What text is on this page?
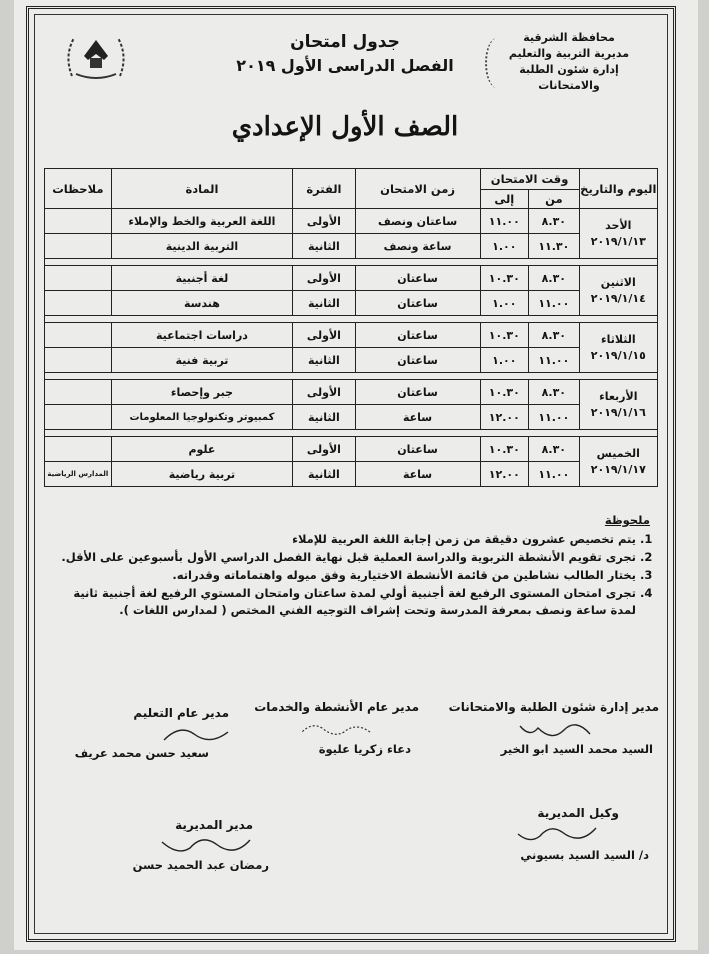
محافظة الشرقية
مديرية التربية والتعليم
إدارة شئون الطلبة والامتحانات
جدول امتحان
الفصل الدراسى الأول ٢٠١٩
الصف الأول الإعدادي
اليوم والتاريخ	وقت الامتحان		زمن الامتحان	الفترة	المادة	ملاحظات
	من	إلى				

الأحد
٢٠١٩/١/١٣	٨.٣٠	١١.٠٠	ساعتان ونصف	الأولى	اللغة العربية والخط والإملاء	
	١١.٣٠	١.٠٠	ساعة ونصف	الثانية	التربية الدينية	

الاثنين
٢٠١٩/١/١٤	٨.٣٠	١٠.٣٠	ساعتان	الأولى	لغة أجنبية	
	١١.٠٠	١.٠٠	ساعتان	الثانية	هندسة	

الثلاثاء
٢٠١٩/١/١٥	٨.٣٠	١٠.٣٠	ساعتان	الأولى	دراسات اجتماعية	
	١١.٠٠	١.٠٠	ساعتان	الثانية	تربية فنية	

الأربعاء
٢٠١٩/١/١٦	٨.٣٠	١٠.٣٠	ساعتان	الأولى	جبر وإحصاء	
	١١.٠٠	١٢.٠٠	ساعة	الثانية	كمبيوتر وتكنولوجيا المعلومات	

الخميس
٢٠١٩/١/١٧	٨.٣٠	١٠.٣٠	ساعتان	الأولى	علوم	
	١١.٠٠	١٢.٠٠	ساعة	الثانية	تربية رياضية	المدارس الرياضية
ملحوظة
1. يتم تخصيص عشرون دقيقة من زمن إجابة اللغة العربية للإملاء
2. تجرى تقويم الأنشطة التربوية والدراسة العملية قبل نهاية الفصل الدراسي الأول بأسبوعين على الأقل.
3. يختار الطالب نشاطين من قائمة الأنشطة الاختيارية وفق ميوله واهتماماته وقدراته.
4. تجرى امتحان المستوى الرفيع لغة أجنبية أولي لمدة ساعتان وامتحان المستوي الرفيع لغة أجنبية ثانية لمدة ساعة ونصف بمعرفة المدرسة وتحت إشراف التوجيه الفني المختص ( لمدارس اللغات ).
مدير إدارة شئون الطلبة والامتحانات
مدير عام الأنشطة والخدمات
مدير عام التعليم
السيد محمد السيد ابو الخير
دعاء زكريا عليوة
سعيد حسن محمد عريف
وكيل المديرية
د/ السيد السيد بسيوني
مدير المديرية
رمضان عبد الحميد حسن
